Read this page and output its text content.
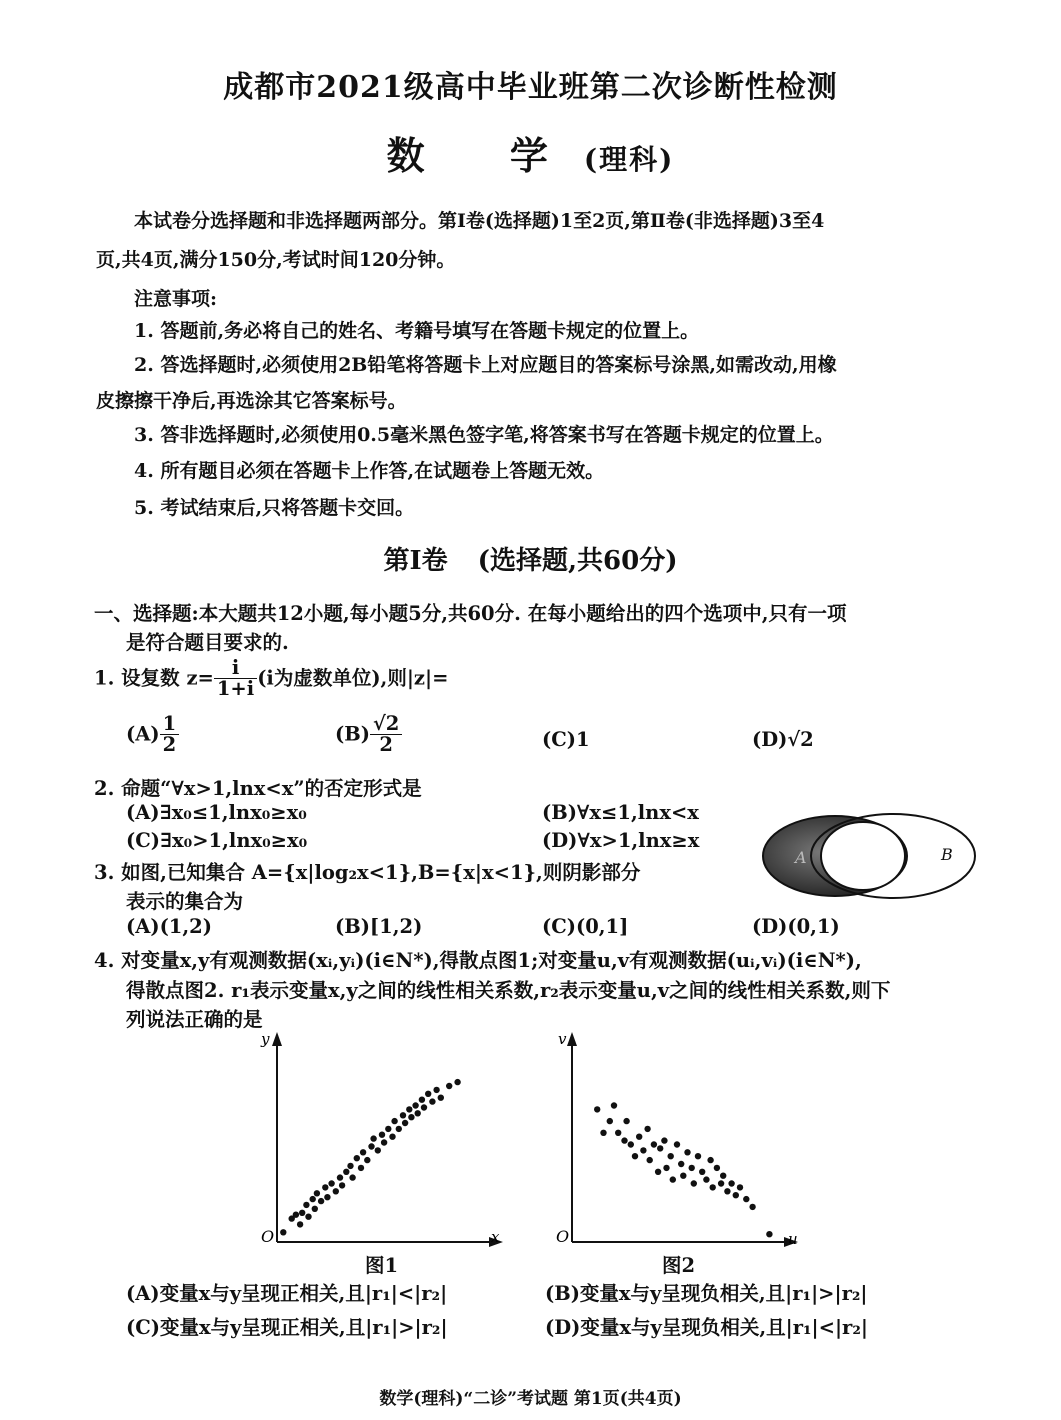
成都市2021级高中毕业班第二次诊断性检测
数 学(理科)
本试卷分选择题和非选择题两部分。第Ⅰ卷(选择题)1至2页,第Ⅱ卷(非选择题)3至4
页,共4页,满分150分,考试时间120分钟。
注意事项:
1. 答题前,务必将自己的姓名、考籍号填写在答题卡规定的位置上。
2. 答选择题时,必须使用2B铅笔将答题卡上对应题目的答案标号涂黑,如需改动,用橡
皮擦擦干净后,再选涂其它答案标号。
3. 答非选择题时,必须使用0.5毫米黑色签字笔,将答案书写在答题卡规定的位置上。
4. 所有题目必须在答题卡上作答,在试题卷上答题无效。
5. 考试结束后,只将答题卡交回。
第Ⅰ卷 (选择题,共60分)
一、选择题:本大题共12小题,每小题5分,共60分. 在每小题给出的四个选项中,只有一项
是符合题目要求的.
1. 设复数 $z= \frac{i}{1+i} (i$为虚数单位),则|z|=
$(A) \frac{1}{2}$	$(B) \frac{√2}{2}$	(C)1	(D)√2
2. 命题“∀x>1,lnx<x”的否定形式是
(A)∃x₀≤1,lnx₀≥x₀	(B)∀x≤1,lnx<x
(C)∃x₀>1,lnx₀≥x₀	(D)∀x>1,lnx≥x
3. 如图,已知集合 A={x|log₂x<1},B={x|x<1},则阴影部分
表示的集合为
(A)(1,2)	(B)[1,2)	(C)(0,1]	(D)(0,1)
A	B
4. 对变量x,y有观测数据(xᵢ,yᵢ)(i∈N*),得散点图1;对变量u,v有观测数据(uᵢ,vᵢ)(i∈N*),
得散点图2. r₁表示变量x,y之间的线性相关系数,r₂表示变量u,v之间的线性相关系数,则下
列说法正确的是
y
x
O
图1
v
u
O
图2
(A)变量x与y呈现正相关,且|r₁|<|r₂|	(B)变量x与y呈现负相关,且|r₁|>|r₂|
(C)变量x与y呈现正相关,且|r₁|>|r₂|	(D)变量x与y呈现负相关,且|r₁|<|r₂|
数学(理科)“二诊”考试题 第1页(共4页)
